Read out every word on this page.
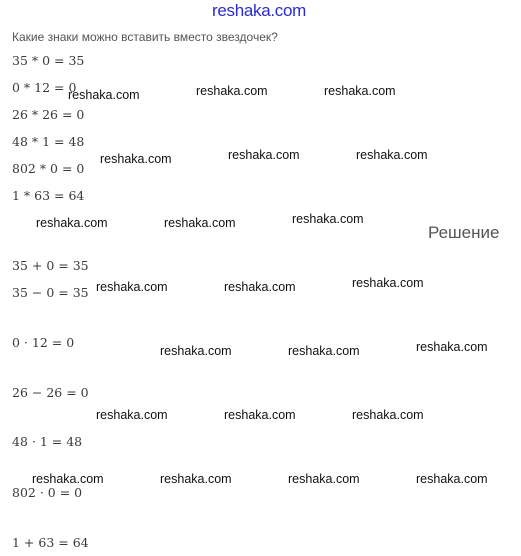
reshaka.com
Какие знаки можно вставить вместо звездочек?
35 * 0 = 35
0 * 12 = 0
26 * 26 = 0
48 * 1 = 48
802 * 0 = 0
1 * 63 = 64
Решение
35 + 0 = 35
35 − 0 = 35
0 · 12 = 0
26 − 26 = 0
48 · 1 = 48
802 · 0 = 0
1 + 63 = 64
reshaka.com	reshaka.com	reshaka.com
reshaka.com	reshaka.com	reshaka.com
reshaka.com	reshaka.com	reshaka.com
reshaka.com	reshaka.com	reshaka.com
reshaka.com	reshaka.com	reshaka.com
reshaka.com	reshaka.com	reshaka.com
reshaka.com	reshaka.com	reshaka.com	reshaka.com
